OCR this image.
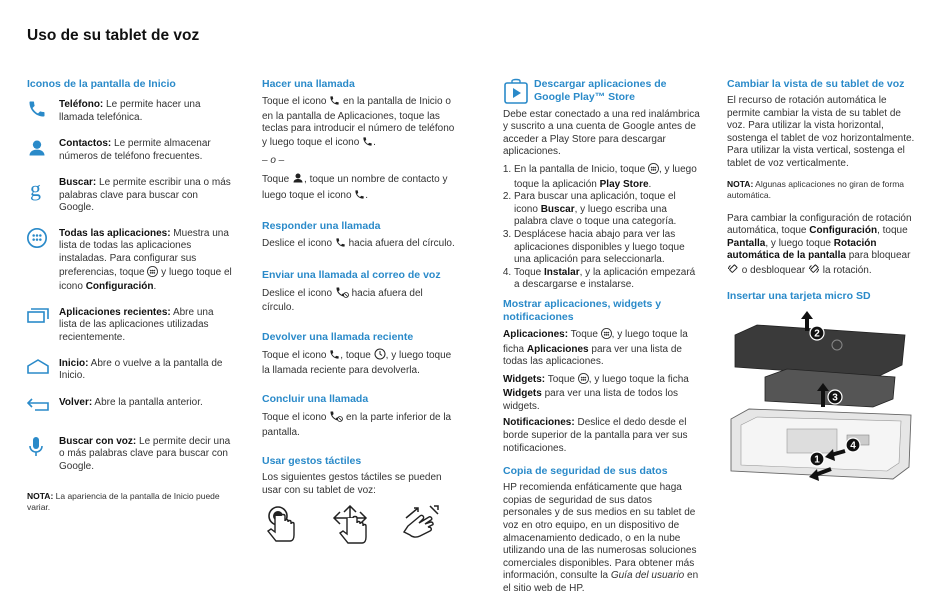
Uso de su tablet de voz
Iconos de la pantalla de Inicio
Teléfono: Le permite hacer una llamada telefónica.
Contactos: Le permite almacenar números de teléfono frecuentes.
g	Buscar: Le permite escribir una o más palabras clave para buscar con Google.
Todas las aplicaciones: Muestra una lista de todas las aplicaciones instaladas. Para configurar sus preferencias, toque  y luego toque el icono Configuración.
Aplicaciones recientes: Abre una lista de las aplicaciones utilizadas recientemente.
Inicio: Abre o vuelve a la pantalla de Inicio.
Volver: Abre la pantalla anterior.
Buscar con voz: Le permite decir una o más palabras clave para buscar con Google.
NOTA: La apariencia de la pantalla de Inicio puede variar.
Hacer una llamada
Toque el icono  en la pantalla de Inicio o en la pantalla de Aplicaciones, toque las teclas para introducir el número de teléfono y luego toque el icono .
– o –
Toque , toque un nombre de contacto y luego toque el icono .
Responder una llamada
Deslice el icono  hacia afuera del círculo.
Enviar una llamada al correo de voz
Deslice el icono  hacia afuera del círculo.
Devolver una llamada reciente
Toque el icono , toque , y luego toque la llamada reciente para devolverla.
Concluir una llamada
Toque el icono  en la parte inferior de la pantalla.
Usar gestos táctiles
Los siguientes gestos táctiles se pueden usar con su tablet de voz:
Descargar aplicaciones de Google Play™ Store
Debe estar conectado a una red inalámbrica y suscrito a una cuenta de Google antes de acceder a Play Store para descargar aplicaciones.
1. En la pantalla de Inicio, toque , y luego toque la aplicación Play Store.
2. Para buscar una aplicación, toque el icono Buscar, y luego escriba una palabra clave o toque una categoría.
3. Desplácese hacia abajo para ver las aplicaciones disponibles y luego toque una aplicación para seleccionarla.
4. Toque Instalar, y la aplicación empezará a descargarse e instalarse.
Mostrar aplicaciones, widgets y notificaciones
Aplicaciones: Toque , y luego toque la ficha Aplicaciones para ver una lista de todas las aplicaciones.
Widgets: Toque , y luego toque la ficha Widgets para ver una lista de todos los widgets.
Notificaciones: Deslice el dedo desde el borde superior de la pantalla para ver sus notificaciones.
Copia de seguridad de sus datos
HP recomienda enfáticamente que haga copias de seguridad de sus datos personales y de sus medios en su tablet de voz en otro equipo, en un dispositivo de almacenamiento dedicado, o en la nube utilizando una de las numerosas soluciones comerciales disponibles. Para obtener más información, consulte la Guía del usuario en el sitio web de HP.
Cambiar la vista de su tablet de voz
El recurso de rotación automática le permite cambiar la vista de su tablet de voz. Para utilizar la vista horizontal, sostenga el tablet de voz horizontalmente. Para utilizar la vista vertical, sostenga el tablet de voz verticalmente.
NOTA: Algunas aplicaciones no giran de forma automática.
Para cambiar la configuración de rotación automática, toque Configuración, toque Pantalla, y luego toque Rotación automática de la pantalla para bloquear  o desbloquear  la rotación.
Insertar una tarjeta micro SD
2
3
4
1
